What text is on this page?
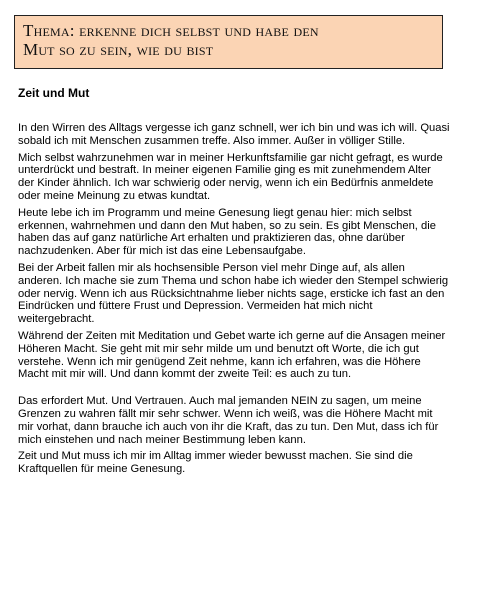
Thema: erkenne dich selbst und habe den
Mut so zu sein, wie du bist

Zeit und Mut

In den Wirren des Alltags vergesse ich ganz schnell, wer ich bin und was ich will. Quasi sobald ich mit Menschen zusammen treffe. Also immer. Außer in völliger Stille.

Mich selbst wahrzunehmen war in meiner Herkunftsfamilie gar nicht gefragt, es wurde unterdrückt und bestraft. In meiner eigenen Familie ging es mit zunehmendem Alter der Kinder ähnlich. Ich war schwierig oder nervig, wenn ich ein Bedürfnis anmeldete oder meine Meinung zu etwas kundtat.

Heute lebe ich im Programm und meine Genesung liegt genau hier: mich selbst erkennen, wahrnehmen und dann den Mut haben, so zu sein. Es gibt Menschen, die haben das auf ganz natürliche Art erhalten und praktizieren das, ohne darüber nachzudenken. Aber für mich ist das eine Lebensaufgabe.

Bei der Arbeit fallen mir als hochsensible Person viel mehr Dinge auf, als allen anderen. Ich mache sie zum Thema und schon habe ich wieder den Stempel schwierig oder nervig. Wenn ich aus Rücksichtnahme lieber nichts sage, ersticke ich fast an den Eindrücken und füttere Frust und Depression. Vermeiden hat mich nicht weitergebracht.

Während der Zeiten mit Meditation und Gebet warte ich gerne auf die Ansagen meiner Höheren Macht. Sie geht mit mir sehr milde um und benutzt oft Worte, die ich gut verstehe. Wenn ich mir genügend Zeit nehme, kann ich erfahren, was die Höhere Macht mit mir will. Und dann kommt der zweite Teil: es auch zu tun.

Das erfordert Mut. Und Vertrauen. Auch mal jemanden NEIN zu sagen, um meine Grenzen zu wahren fällt mir sehr schwer. Wenn ich weiß, was die Höhere Macht mit mir vorhat, dann brauche ich auch von ihr die Kraft, das zu tun. Den Mut, dass ich für mich einstehen und nach meiner Bestimmung leben kann.

Zeit und Mut muss ich mir im Alltag immer wieder bewusst machen. Sie sind die Kraftquellen für meine Genesung.
